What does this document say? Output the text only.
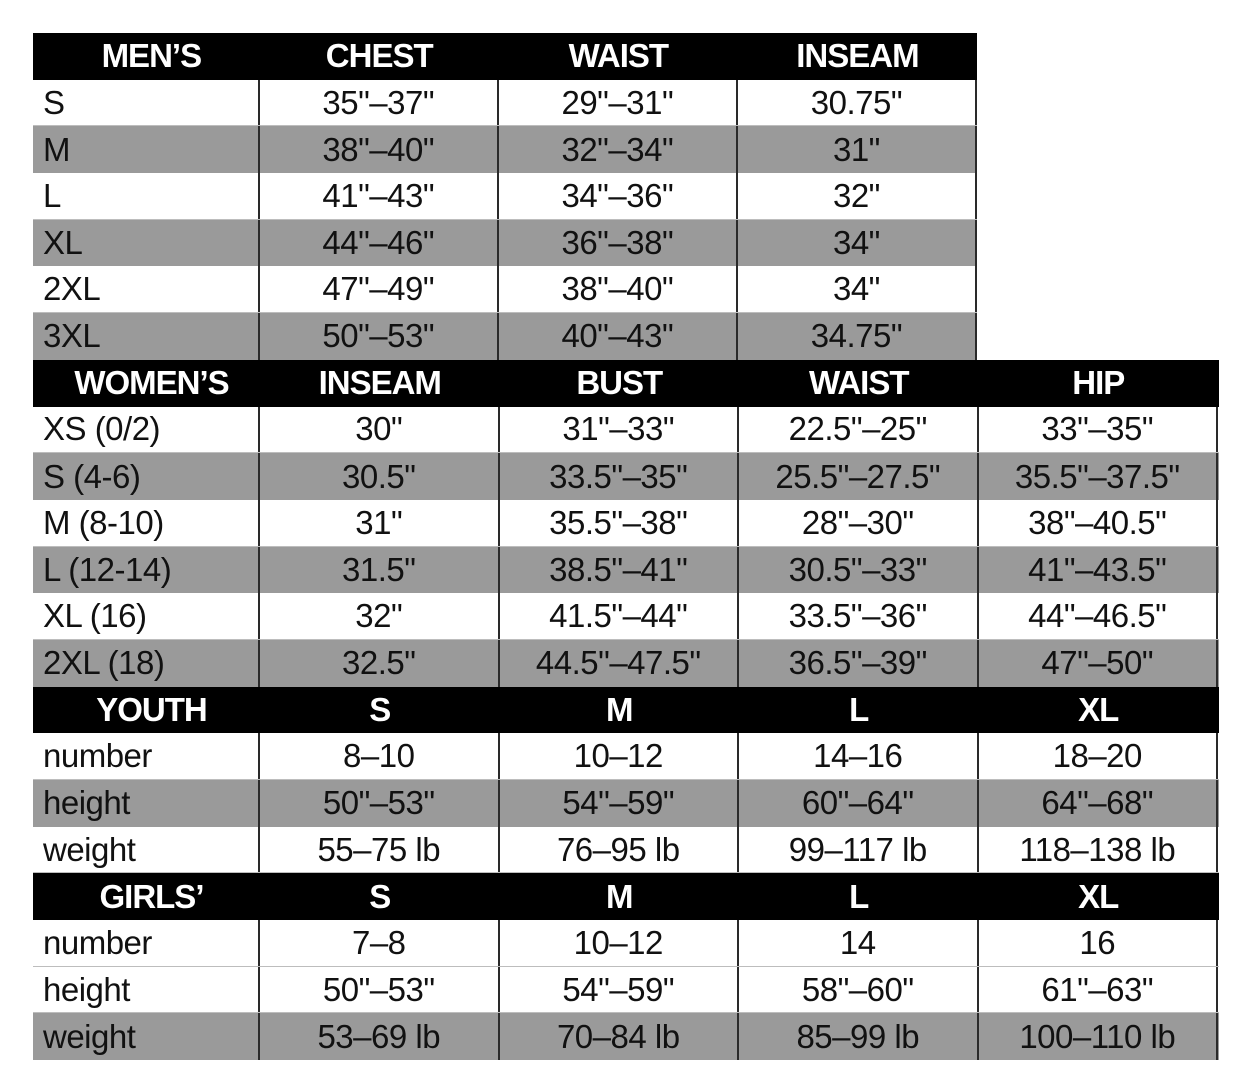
MEN’S	CHEST	WAIST	INSEAM
S	35"–37"	29"–31"	30.75"
M	38"–40"	32"–34"	31"
L	41"–43"	34"–36"	32"
XL	44"–46"	36"–38"	34"
2XL	47"–49"	38"–40"	34"
3XL	50"–53"	40"–43"	34.75"
WOMEN’S	INSEAM	BUST	WAIST	HIP
XS (0/2)	30"	31"–33"	22.5"–25"	33"–35"
S (4-6)	30.5"	33.5"–35"	25.5"–27.5"	35.5"–37.5"
M (8-10)	31"	35.5"–38"	28"–30"	38"–40.5"
L (12-14)	31.5"	38.5"–41"	30.5"–33"	41"–43.5"
XL (16)	32"	41.5"–44"	33.5"–36"	44"–46.5"
2XL (18)	32.5"	44.5"–47.5"	36.5"–39"	47"–50"
YOUTH	S	M	L	XL
number	8–10	10–12	14–16	18–20
height	50"–53"	54"–59"	60"–64"	64"–68"
weight	55–75 lb	76–95 lb	99–117 lb	118–138 lb
GIRLS’	S	M	L	XL
number	7–8	10–12	14	16
height	50"–53"	54"–59"	58"–60"	61"–63"
weight	53–69 lb	70–84 lb	85–99 lb	100–110 lb
